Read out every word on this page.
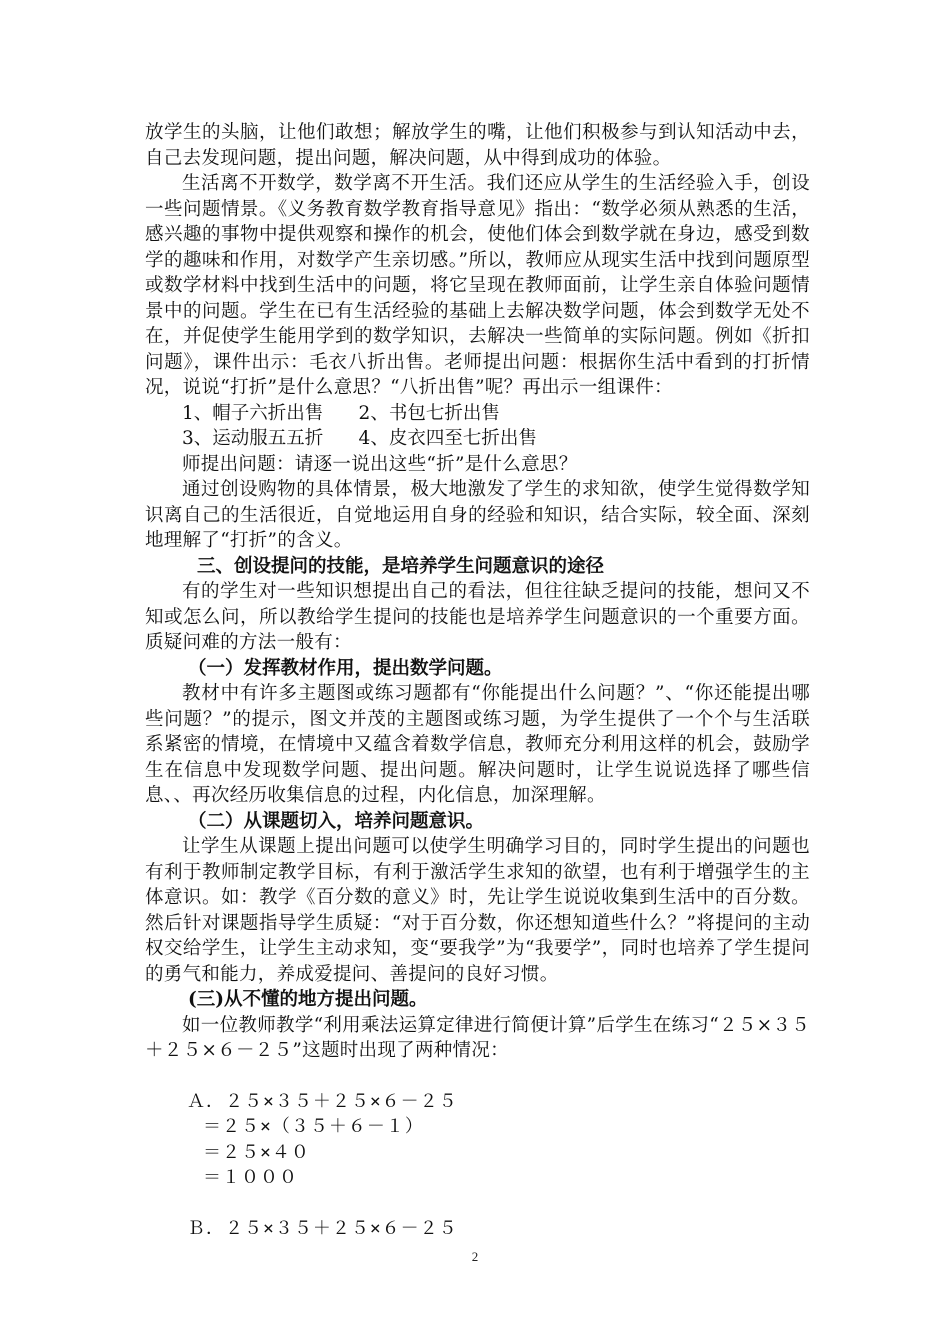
放学生的头脑，让他们敢想；解放学生的嘴，让他们积极参与到认知活动中去，自己去发现问题，提出问题，解决问题，从中得到成功的体验。

生活离不开数学，数学离不开生活。我们还应从学生的生活经验入手，创设一些问题情景。《义务教育数学教育指导意见》指出：“数学必须从熟悉的生活，感兴趣的事物中提供观察和操作的机会，使他们体会到数学就在身边，感受到数学的趣味和作用，对数学产生亲切感。”所以，教师应从现实生活中找到问题原型或数学材料中找到生活中的问题，将它呈现在教师面前，让学生亲自体验问题情景中的问题。学生在已有生活经验的基础上去解决数学问题，体会到数学无处不在，并促使学生能用学到的数学知识，去解决一些简单的实际问题。例如《折扣问题》，课件出示：毛衣八折出售。老师提出问题：根据你生活中看到的打折情况，说说“打折”是什么意思？“八折出售”呢？再出示一组课件：

1、帽子六折出售      2、书包七折出售

3、运动服五五折      4、皮衣四至七折出售

师提出问题：请逐一说出这些“折”是什么意思？

通过创设购物的具体情景，极大地激发了学生的求知欲，使学生觉得数学知识离自己的生活很近，自觉地运用自身的经验和知识，结合实际，较全面、深刻地理解了“打折”的含义。

三、创设提问的技能，是培养学生问题意识的途径

有的学生对一些知识想提出自己的看法，但往往缺乏提问的技能，想问又不知或怎么问，所以教给学生提问的技能也是培养学生问题意识的一个重要方面。质疑问难的方法一般有：

（一）发挥教材作用，提出数学问题。

教材中有许多主题图或练习题都有“你能提出什么问题？”、“你还能提出哪些问题？”的提示，图文并茂的主题图或练习题，为学生提供了一个个与生活联系紧密的情境，在情境中又蕴含着数学信息，教师充分利用这样的机会，鼓励学生在信息中发现数学问题、提出问题。解决问题时，让学生说说选择了哪些信息、、再次经历收集信息的过程，内化信息，加深理解。

（二）从课题切入，培养问题意识。

让学生从课题上提出问题可以使学生明确学习目的，同时学生提出的问题也有利于教师制定教学目标，有利于激活学生求知的欲望，也有利于增强学生的主体意识。如：教学《百分数的意义》时，先让学生说说收集到生活中的百分数。然后针对课题指导学生质疑：“对于百分数，你还想知道些什么？”将提问的主动权交给学生，让学生主动求知，变“要我学”为“我要学”，同时也培养了学生提问的勇气和能力，养成爱提问、善提问的良好习惯。

(三)从不懂的地方提出问题。

如一位教师教学“利用乘法运算定律进行简便计算”后学生在练习“２５×３５＋２５×６－２５”这题时出现了两种情况：

Ａ．２５×３５＋２５×６－２５

＝２５×（３５＋６－１）

＝２５×４０

＝１０００

Ｂ．２５×３５＋２５×６－２５

2
